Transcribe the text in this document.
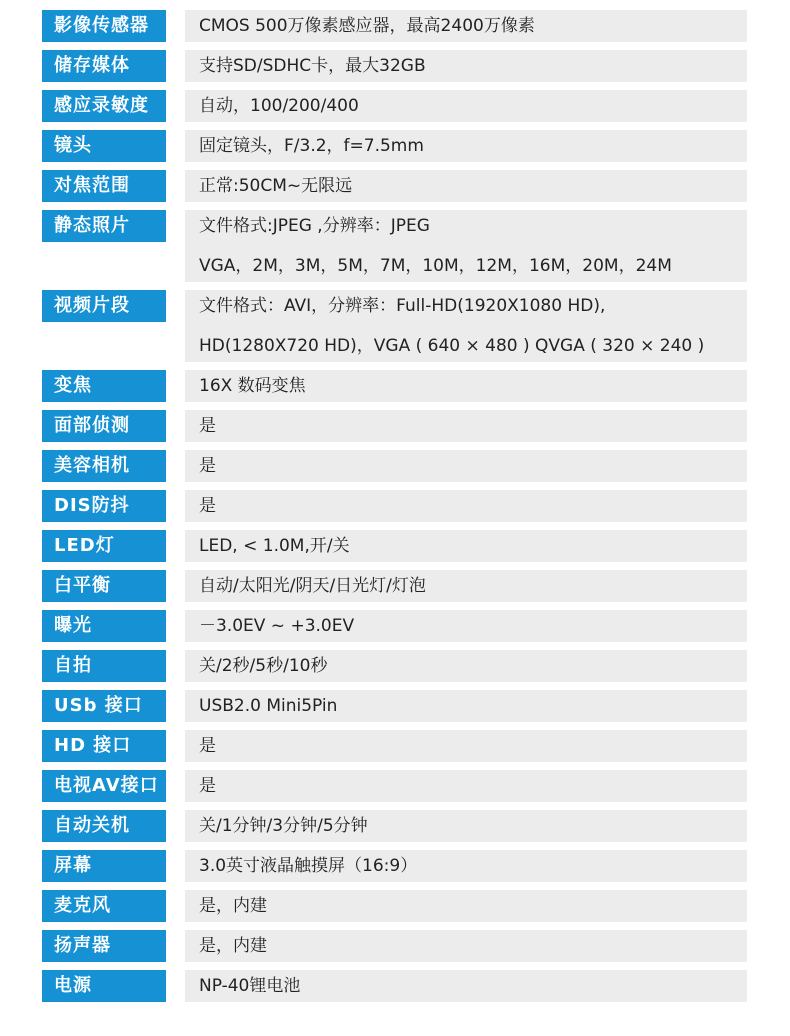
影像传感器	CMOS 500万像素感应器，最高2400万像素
储存媒体	支持SD/SDHC卡，最大32GB
感应录敏度	自动，100/200/400
镜头	固定镜头，F/3.2，f=7.5mm
对焦范围	正常:50CM~无限远
静态照片	文件格式:JPEG ,分辨率：JPEG
VGA，2M，3M，5M，7M，10M，12M，16M，20M，24M
视频片段	文件格式：AVI，分辨率：Full-HD(1920X1080 HD),
HD(1280X720 HD)，VGA ( 640 × 480 ) QVGA ( 320 × 240 )
变焦	16X 数码变焦
面部侦测	是
美容相机	是
DIS防抖	是
LED灯	LED, < 1.0M,开/关
白平衡	自动/太阳光/阴天/日光灯/灯泡
曝光	－3.0EV ~ +3.0EV
自拍	关/2秒/5秒/10秒
USb 接口	USB2.0 Mini5Pin
HD 接口	是
电视AV接口	是
自动关机	关/1分钟/3分钟/5分钟
屏幕	3.0英寸液晶触摸屏（16:9）
麦克风	是，内建
扬声器	是，内建
电源	NP-40锂电池
